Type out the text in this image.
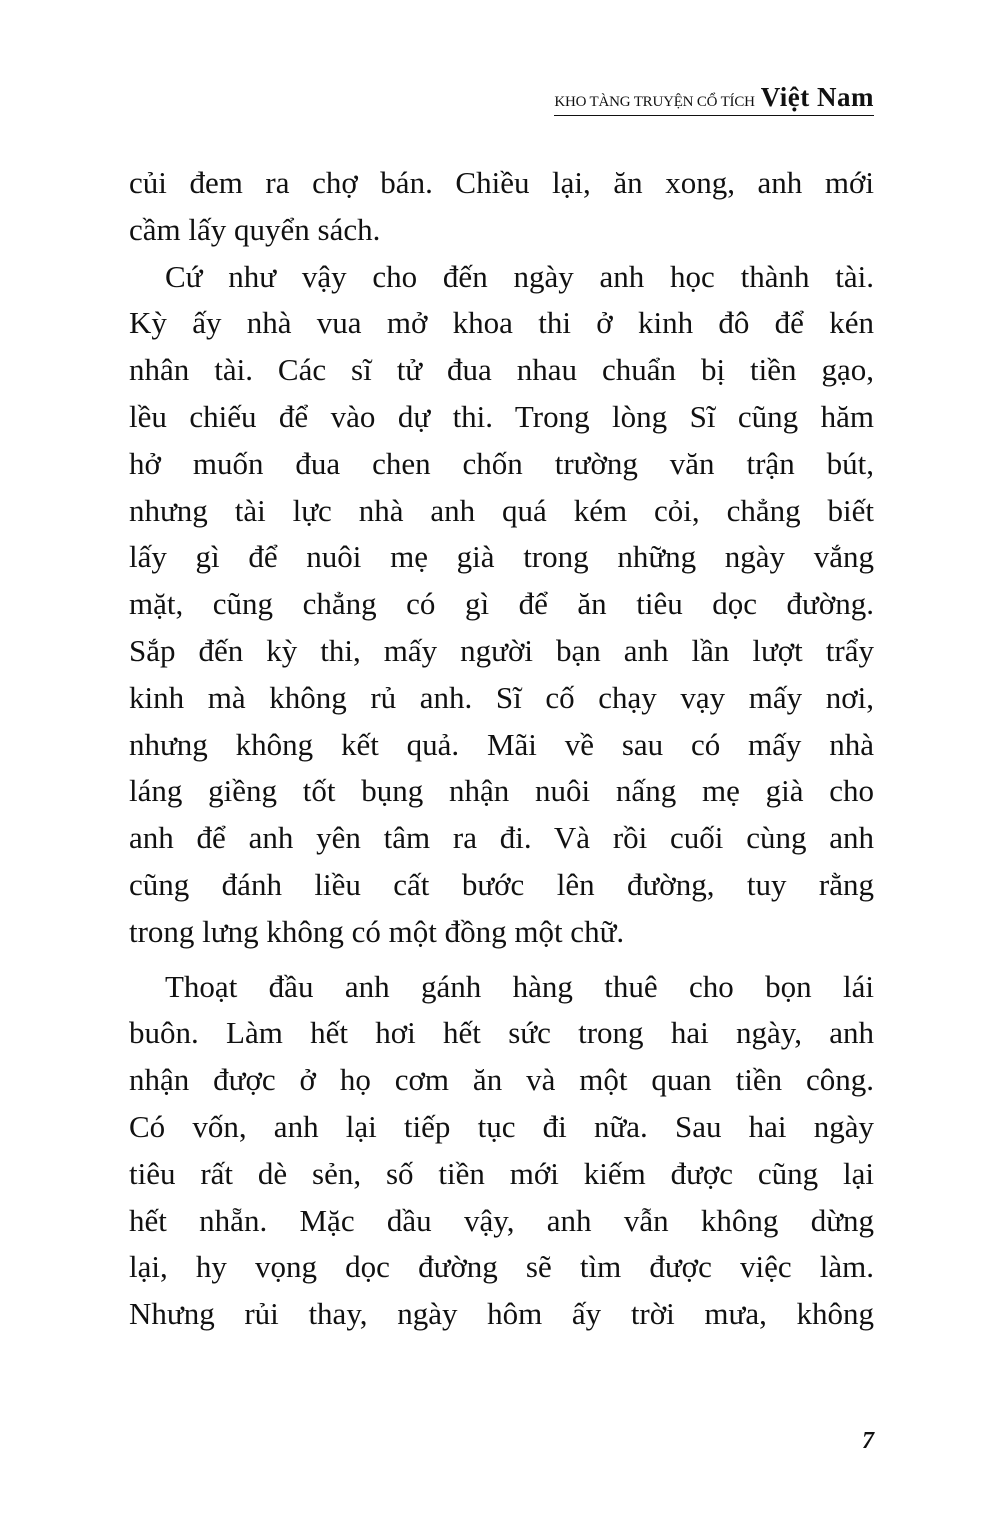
KHO TÀNG TRUYỆN CỔ TÍCH Việt Nam
củi đem ra chợ bán. Chiều lại, ăn xong, anh mới
cầm lấy quyển sách.
Cứ như vậy cho đến ngày anh học thành tài.
Kỳ ấy nhà vua mở khoa thi ở kinh đô để kén
nhân tài. Các sĩ tử đua nhau chuẩn bị tiền gạo,
lều chiếu để vào dự thi. Trong lòng Sĩ cũng hăm
hở muốn đua chen chốn trường văn trận bút,
nhưng tài lực nhà anh quá kém cỏi, chẳng biết
lấy gì để nuôi mẹ già trong những ngày vắng
mặt, cũng chẳng có gì để ăn tiêu dọc đường.
Sắp đến kỳ thi, mấy người bạn anh lần lượt trẩy
kinh mà không rủ anh. Sĩ cố chạy vạy mấy nơi,
nhưng không kết quả. Mãi về sau có mấy nhà
láng giềng tốt bụng nhận nuôi nấng mẹ già cho
anh để anh yên tâm ra đi. Và rồi cuối cùng anh
cũng đánh liều cất bước lên đường, tuy rằng
trong lưng không có một đồng một chữ.
Thoạt đầu anh gánh hàng thuê cho bọn lái
buôn. Làm hết hơi hết sức trong hai ngày, anh
nhận được ở họ cơm ăn và một quan tiền công.
Có vốn, anh lại tiếp tục đi nữa. Sau hai ngày
tiêu rất dè sẻn, số tiền mới kiếm được cũng lại
hết nhẵn. Mặc dầu vậy, anh vẫn không dừng
lại, hy vọng dọc đường sẽ tìm được việc làm.
Nhưng rủi thay, ngày hôm ấy trời mưa, không
7
